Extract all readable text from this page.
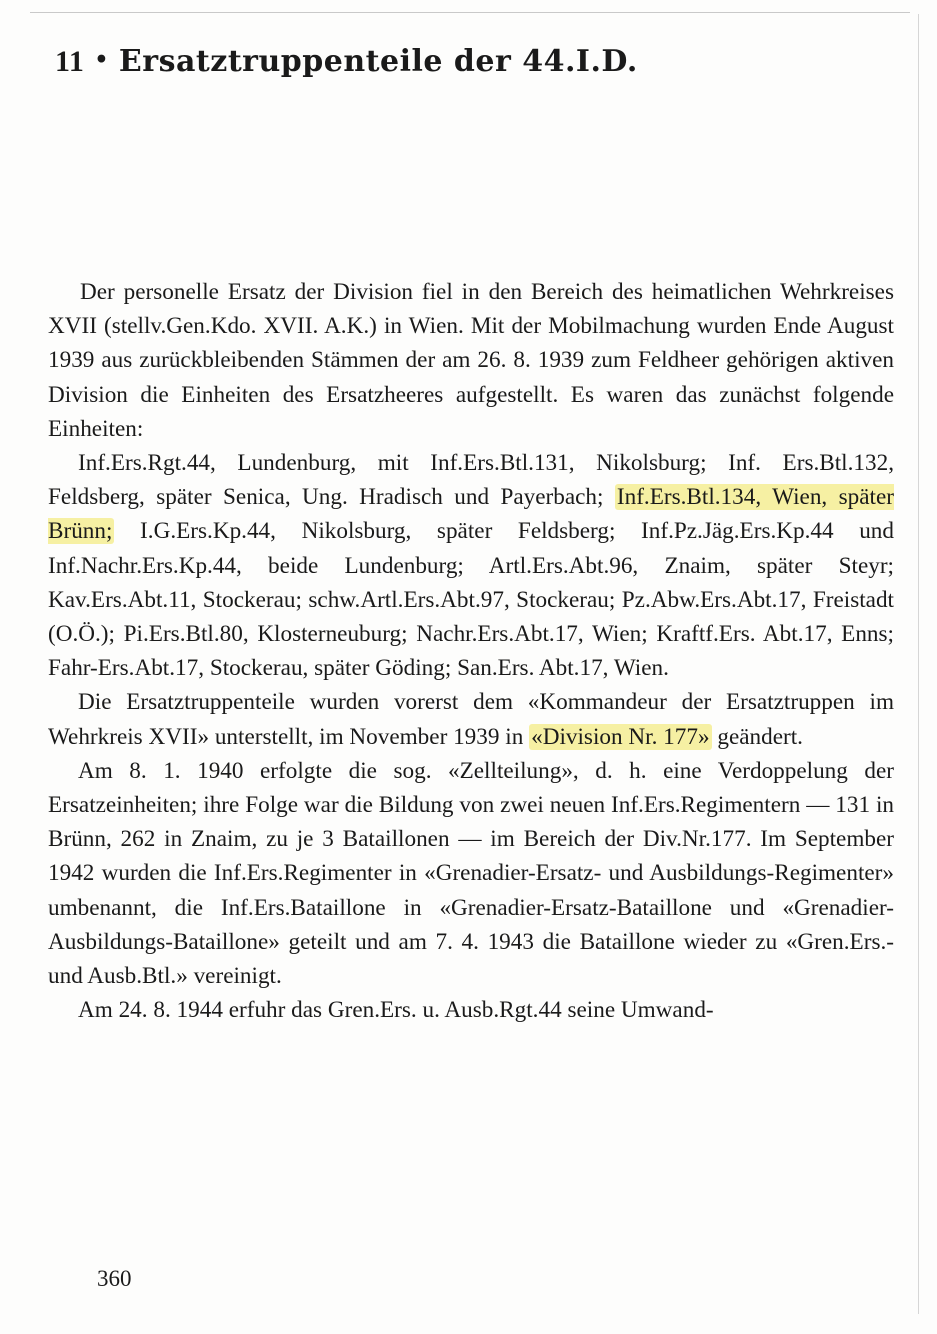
11 • Ersatztruppenteile der 44.I.D.

Der personelle Ersatz der Division fiel in den Bereich des heimatlichen Wehrkreises XVII (stellv.Gen.Kdo. XVII. A.K.) in Wien. Mit der Mobilmachung wurden Ende August 1939 aus zurückbleibenden Stämmen der am 26. 8. 1939 zum Feldheer gehörigen aktiven Division die Einheiten des Ersatzheeres aufgestellt. Es waren das zunächst folgende Einheiten:

Inf.Ers.Rgt.44, Lundenburg, mit Inf.Ers.Btl.131, Nikolsburg; Inf. Ers.Btl.132, Feldsberg, später Senica, Ung. Hradisch und Payerbach; Inf.Ers.Btl.134, Wien, später Brünn; I.G.Ers.Kp.44, Nikolsburg, später Feldsberg; Inf.Pz.Jäg.Ers.Kp.44 und Inf.Nachr.Ers.Kp.44, beide Lundenburg; Artl.Ers.Abt.96, Znaim, später Steyr; Kav.Ers.Abt.11, Stockerau; schw.Artl.Ers.Abt.97, Stockerau; Pz.Abw.Ers.Abt.17, Freistadt (O.Ö.); Pi.Ers.Btl.80, Klosterneuburg; Nachr.Ers.Abt.17, Wien; Kraftf.Ers. Abt.17, Enns; Fahr-Ers.Abt.17, Stockerau, später Göding; San.Ers. Abt.17, Wien.

Die Ersatztruppenteile wurden vorerst dem «Kommandeur der Ersatztruppen im Wehrkreis XVII» unterstellt, im November 1939 in «Division Nr. 177» geändert.

Am 8. 1. 1940 erfolgte die sog. «Zellteilung», d. h. eine Verdoppelung der Ersatzeinheiten; ihre Folge war die Bildung von zwei neuen Inf.Ers.Regimentern — 131 in Brünn, 262 in Znaim, zu je 3 Bataillonen — im Bereich der Div.Nr.177. Im September 1942 wurden die Inf.Ers.Regimenter in «Grenadier-Ersatz- und Ausbildungs-Regimenter» umbenannt, die Inf.Ers.Bataillone in «Grenadier-Ersatz-Bataillone und «Grenadier-Ausbildungs-Bataillone» geteilt und am 7. 4. 1943 die Bataillone wieder zu «Gren.Ers.- und Ausb.Btl.» vereinigt.

Am 24. 8. 1944 erfuhr das Gren.Ers. u. Ausb.Rgt.44 seine Umwand-

360
